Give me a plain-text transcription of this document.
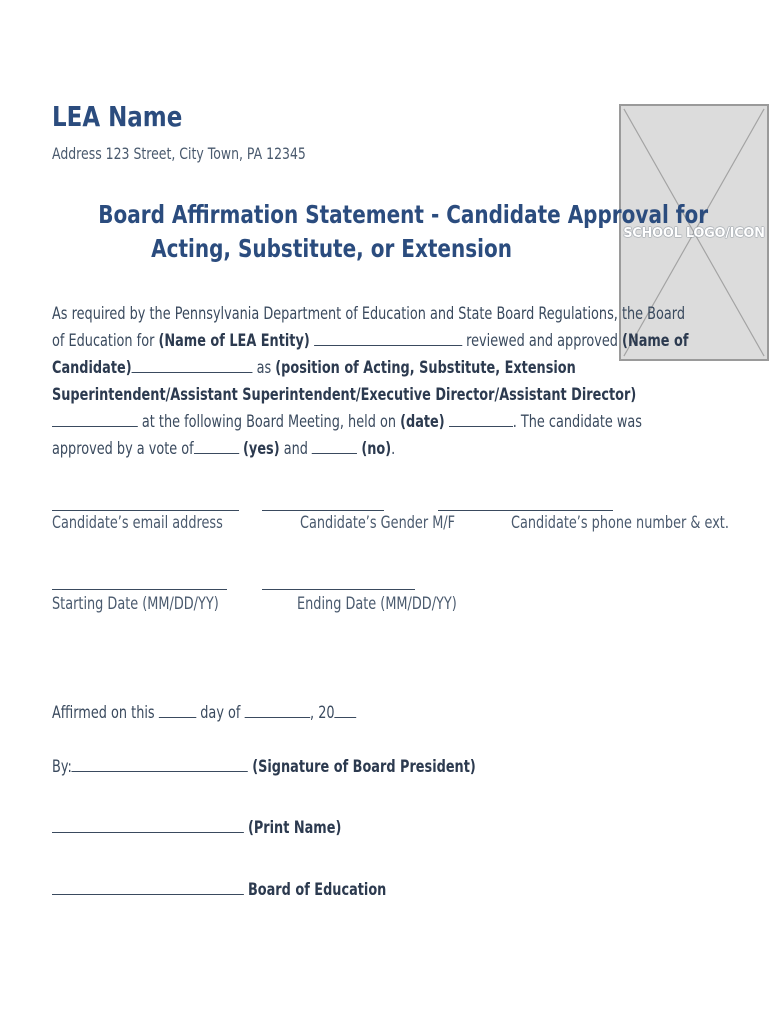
LEA Name
Address 123 Street, City Town, PA 12345
SCHOOL LOGO/ICON
Board Affirmation Statement - Candidate Approval for
Acting, Substitute, or Extension
As required by the Pennsylvania Department of Education and State Board Regulations, the Board of Education for (Name of LEA Entity)	reviewed and approved (Name of Candidate)	as (position of Acting, Substitute, Extension Superintendent/Assistant Superintendent/Executive Director/Assistant Director) at the following Board Meeting, held on (date)	. The candidate was approved by a vote of	(yes) and	(no).
Candidate’s email address	Candidate’s Gender M/F	Candidate’s phone number & ext.
Starting Date (MM/DD/YY)	Ending Date (MM/DD/YY)
Affirmed on this  day of	, 20
By:	(Signature of Board President)
(Print Name)
Board of Education
